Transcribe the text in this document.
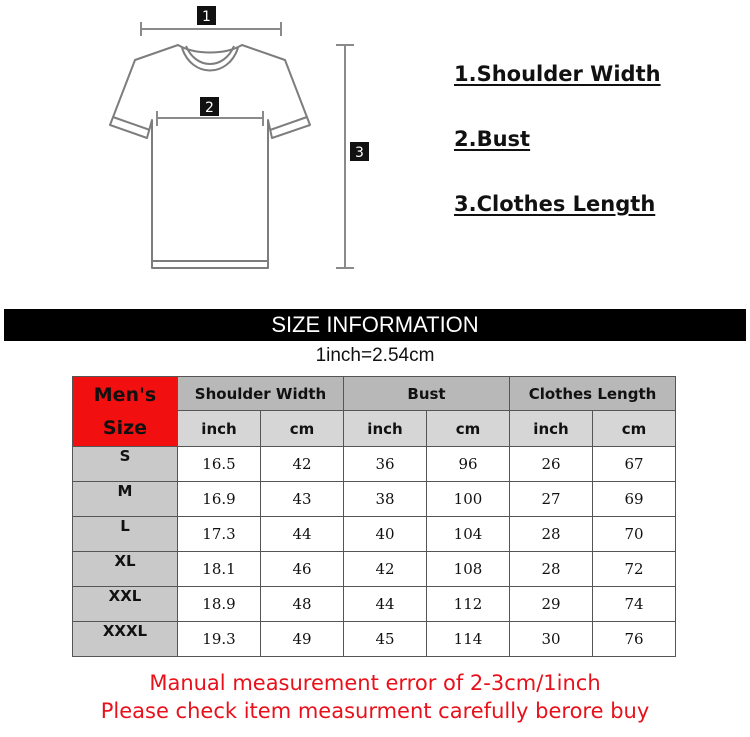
1
2
3
1.Shoulder Width
2.Bust
3.Clothes Length
SIZE INFORMATION
1inch=2.54cm
Men's
Size	Shoulder Width		Bust		Clothes Length	
	inch	cm	inch	cm	inch	cm
S	16.5	42	36	96	26	67
M	16.9	43	38	100	27	69
L	17.3	44	40	104	28	70
XL	18.1	46	42	108	28	72
XXL	18.9	48	44	112	29	74
XXXL	19.3	49	45	114	30	76
Manual measurement error of 2-3cm/1inch
Please check item measurment carefully berore buy
